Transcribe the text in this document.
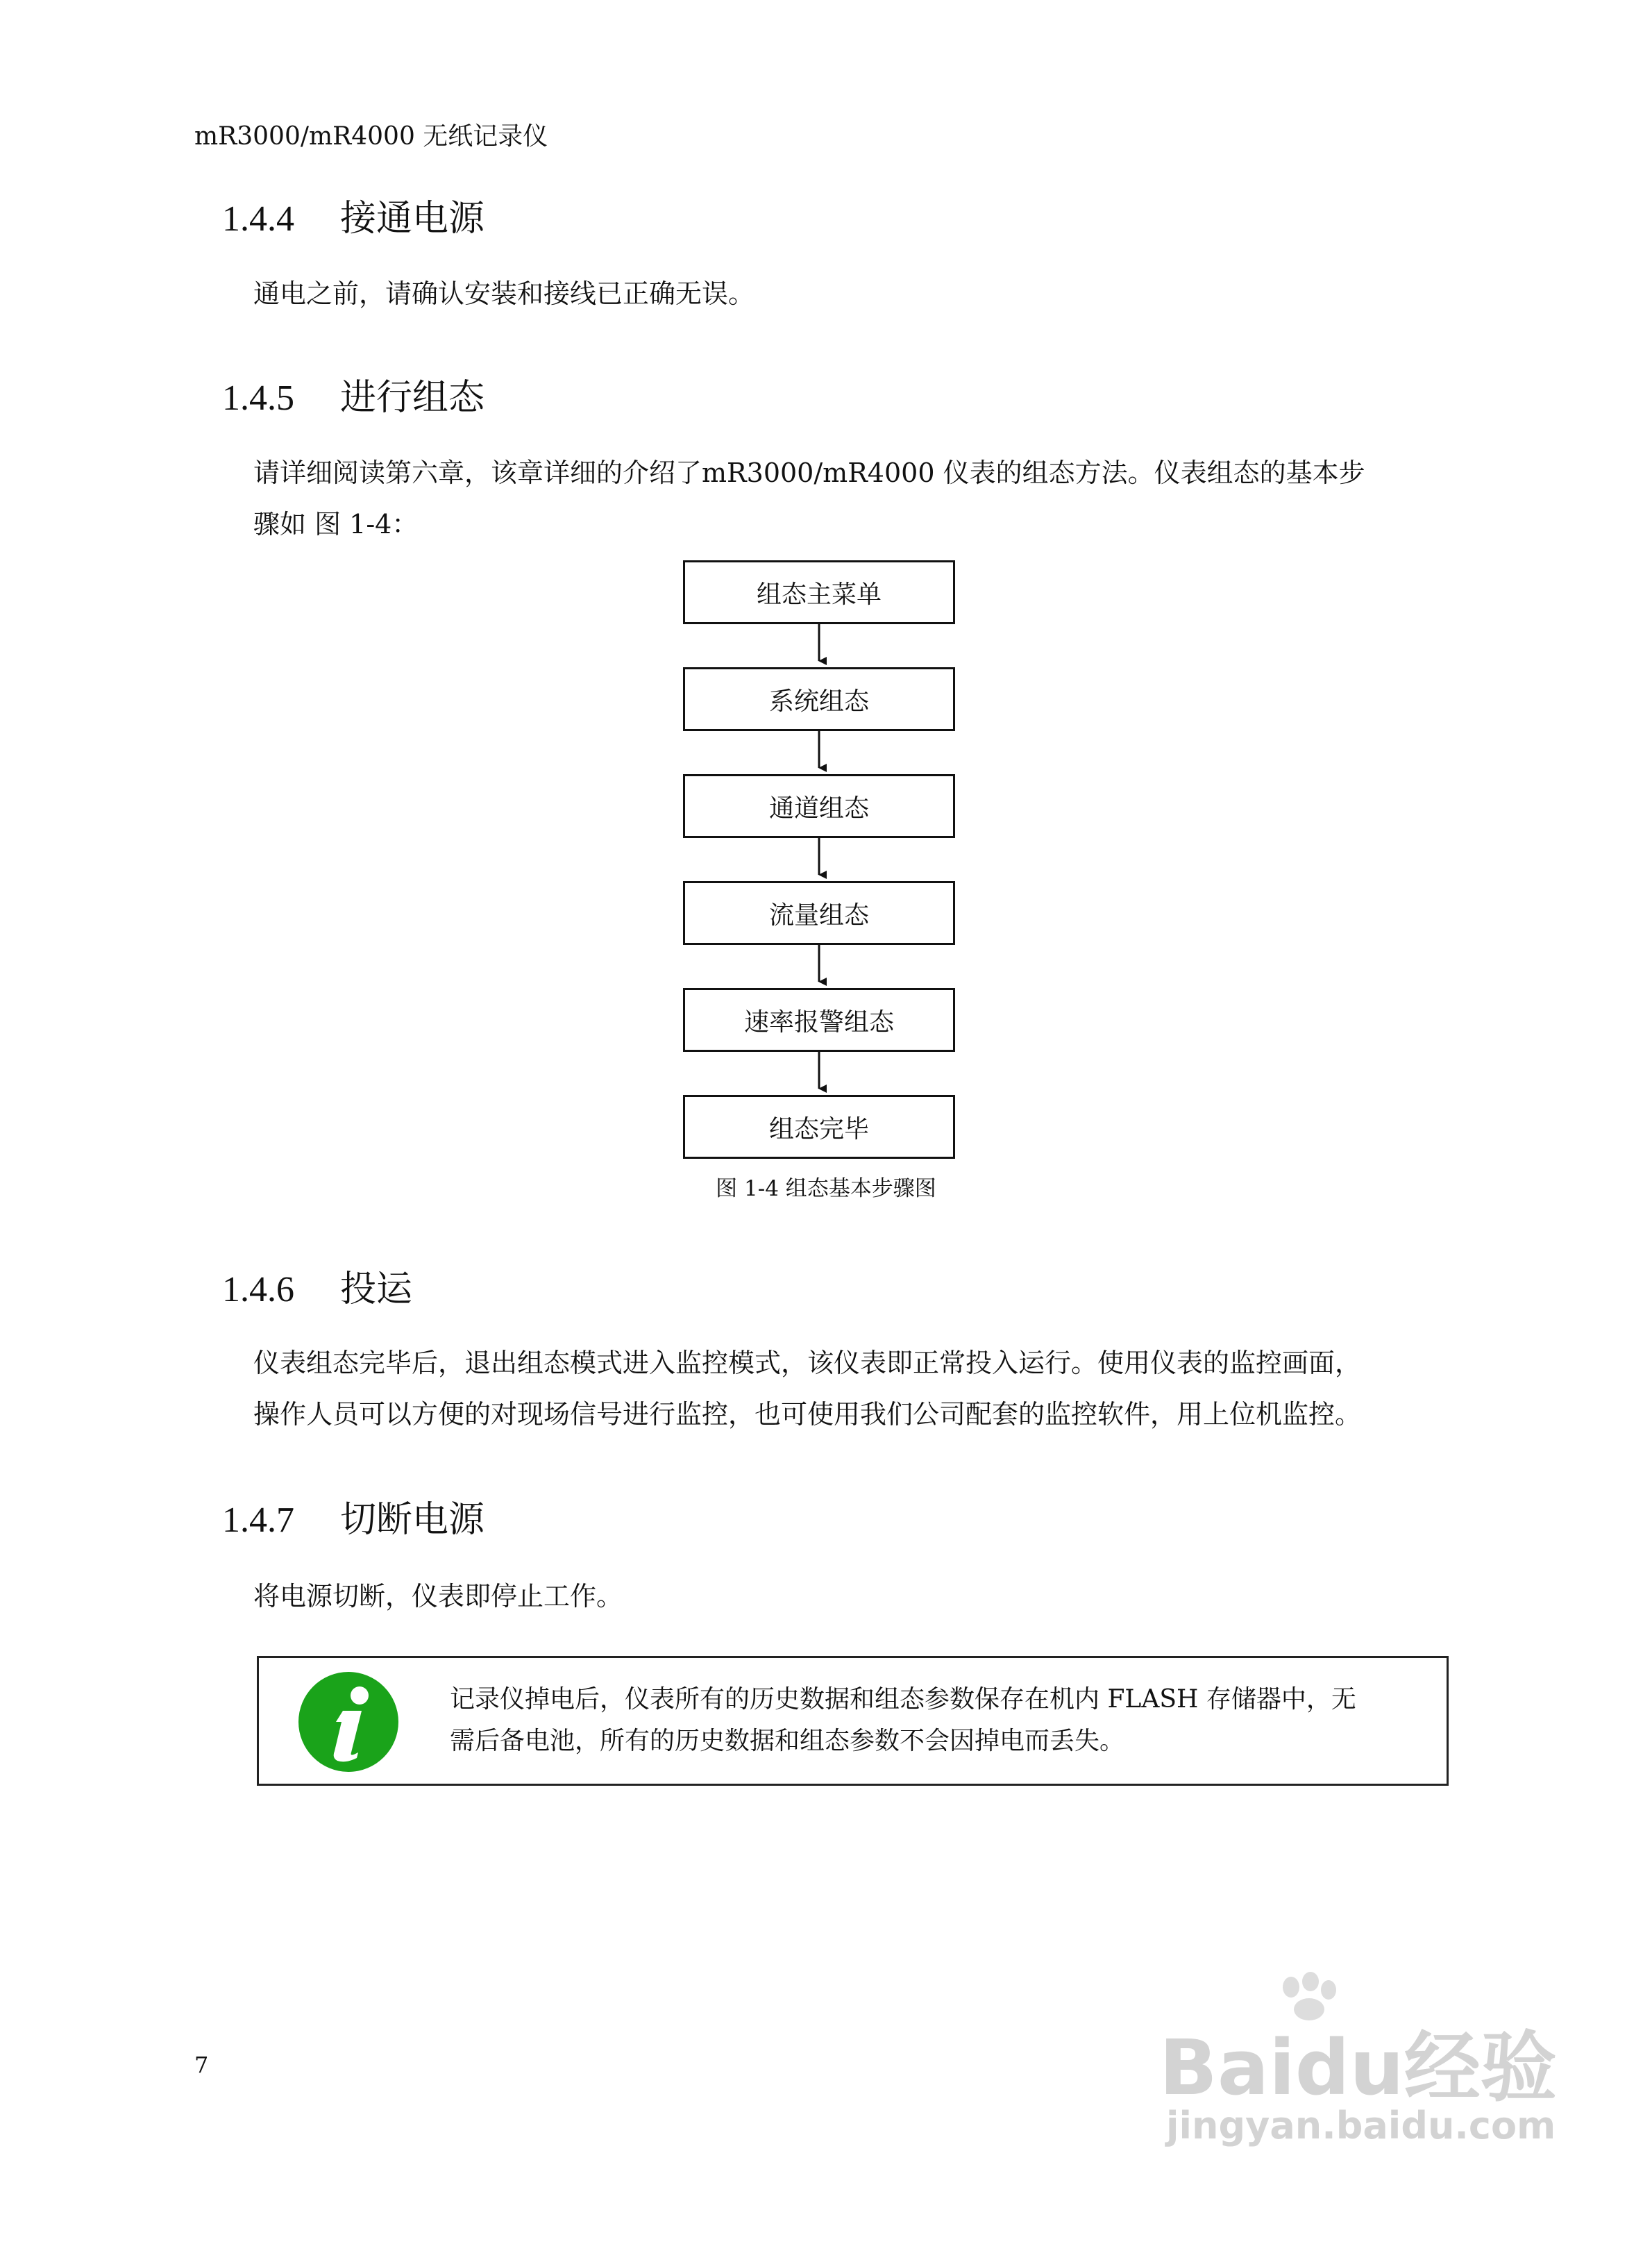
mR3000/mR4000 无纸记录仪
1.4.4 接通电源
通电之前，请确认安装和接线已正确无误。
1.4.5 进行组态
请详细阅读第六章，该章详细的介绍了mR3000/mR4000 仪表的组态方法。仪表组态的基本步
骤如 图 1-4：
组态主菜单
系统组态
通道组态
流量组态
速率报警组态
组态完毕
图 1-4 组态基本步骤图
1.4.6 投运
仪表组态完毕后，退出组态模式进入监控模式，该仪表即正常投入运行。使用仪表的监控画面，
操作人员可以方便的对现场信号进行监控，也可使用我们公司配套的监控软件，用上位机监控。
1.4.7 切断电源
将电源切断，仪表即停止工作。
记录仪掉电后，仪表所有的历史数据和组态参数保存在机内 FLASH 存储器中，无
需后备电池，所有的历史数据和组态参数不会因掉电而丢失。
7	Baidu经验
jingyan.baidu.com
